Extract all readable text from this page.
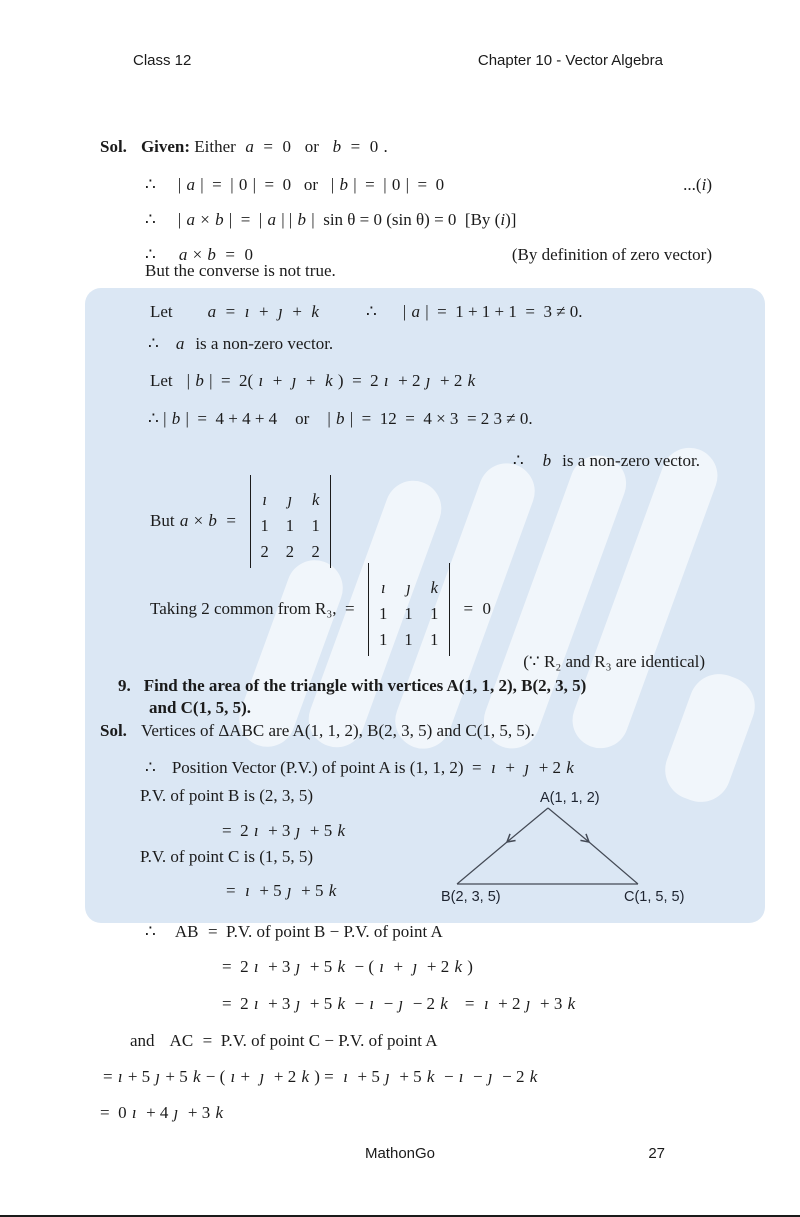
Class 12	Chapter 10 - Vector Algebra
Sol. Given: Either  a  =  0   or   b  =  0 .
∴ | a |  =  | 0 |  =  0   or   | b |  =  | 0 |  =  0	...(i)
∴ | a × b |  =  | a | | b |  sin θ = 0 (sin θ) = 0  [By (i)]
∴ a × b  =  0	(By definition of zero vector)
But the converse is not true.
Let a  =  ı  +  ȷ  +  k	∴ | a |  =  1 + 1 + 1  =  3 ≠ 0.
∴ a is a non-zero vector.
Let | b |  =  2( ı  +  ȷ  +  k )  =  2 ı  + 2 ȷ  + 2 k
∴ | b |  =  4 + 4 + 4 or | b |  =  12  =  4 × 3  = 2 3 ≠ 0.
∴ b is a non-zero vector.
But a × b =
ı ȷ k
1 1 1
2 2 2
Taking 2 common from R₃,  =
ı ȷ k
1 1 1
1 1 1
= 0
(∵ R₂ and R₃ are identical)
9. Find the area of the triangle with vertices A(1, 1, 2), B(2, 3, 5)
and C(1, 5, 5).
Sol. Vertices of ΔABC are A(1, 1, 2), B(2, 3, 5) and C(1, 5, 5).
∴ Position Vector (P.V.) of point A is (1, 1, 2)  =  ı  +  ȷ  + 2 k
P.V. of point B is (2, 3, 5)
=  2 ı  + 3 ȷ  + 5 k
P.V. of point C is (1, 5, 5)
=  ı  + 5 ȷ  + 5 k
∴ AB  =  P.V. of point B − P.V. of point A
=  2 ı  + 3 ȷ  + 5 k  − ( ı  +  ȷ  + 2 k )
=  2 ı  + 3 ȷ  + 5 k  − ı  − ȷ  − 2 k =  ı  + 2 ȷ  + 3 k
and AC  =  P.V. of point C − P.V. of point A
= ı + 5 ȷ + 5 k − ( ı +  ȷ  + 2 k ) =  ı  + 5 ȷ  + 5 k  − ı  − ȷ  − 2 k
=  0 ı  + 4 ȷ  + 3 k
A(1, 1, 2)
B(2, 3, 5)	C(1, 5, 5)
MathonGo	27
